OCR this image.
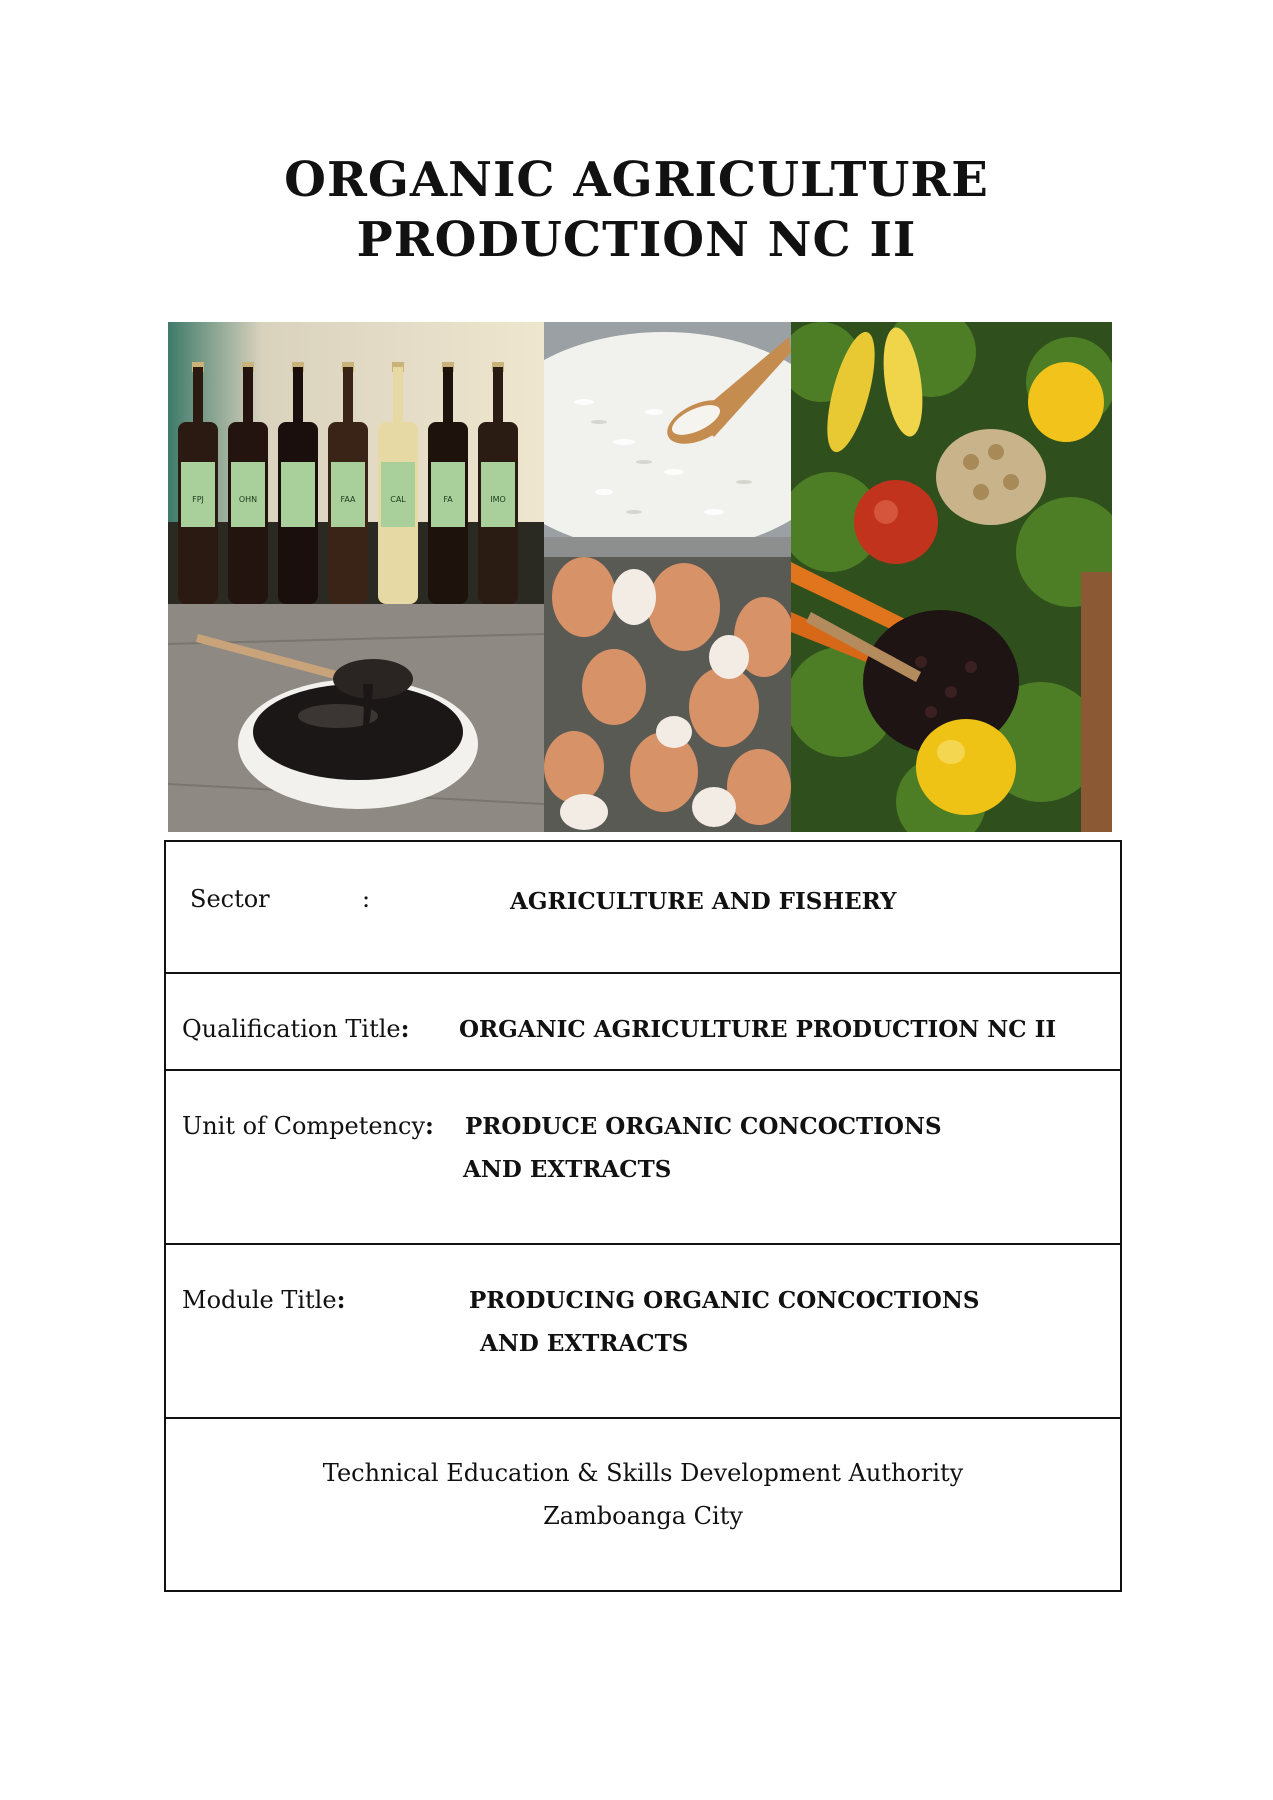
ORGANIC AGRICULTURE
PRODUCTION NC II
FPJ	OHN	FAA	CAL	FA	IMO
Sector	:	AGRICULTURE AND FISHERY
Qualification Title: ORGANIC AGRICULTURE PRODUCTION NC II
Unit of Competency: PRODUCE ORGANIC CONCOCTIONS
AND EXTRACTS
Module Title:	PRODUCING ORGANIC CONCOCTIONS
AND EXTRACTS
Technical Education & Skills Development Authority
Zamboanga City
